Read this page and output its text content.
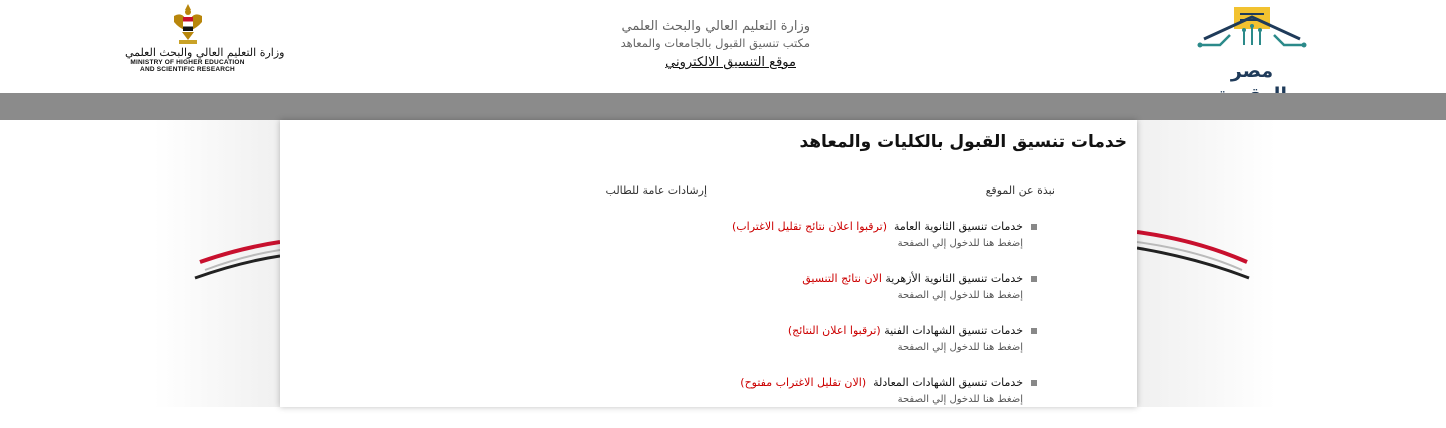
وزارة التعليم العالي والبحث العلمي
MINISTRY OF HIGHER EDUCATION
AND SCIENTIFIC RESEARCH
وزارة التعليم العالي والبحث العلمي
مكتب تنسيق القبول بالجامعات والمعاهد
موقع التنسيق الالكتروني	مصر
خدمات تنسيق القبول بالكليات والمعاهد
نبذة عن الموقع
إرشادات عامة للطالب
خدمات تنسيق الثانوية العامة  (ترقبوا اعلان نتائج تقليل الاغتراب)
إضغط هنا للدخول إلي الصفحة
خدمات تنسيق الثانوية الأزهرية الان نتائج التنسيق
إضغط هنا للدخول إلي الصفحة
خدمات تنسيق الشهادات الفنية (ترقبوا اعلان النتائج)
إضغط هنا للدخول إلي الصفحة
خدمات تنسيق الشهادات المعادلة  (الان تقليل الاغتراب مفتوح)
إضغط هنا للدخول إلي الصفحة
